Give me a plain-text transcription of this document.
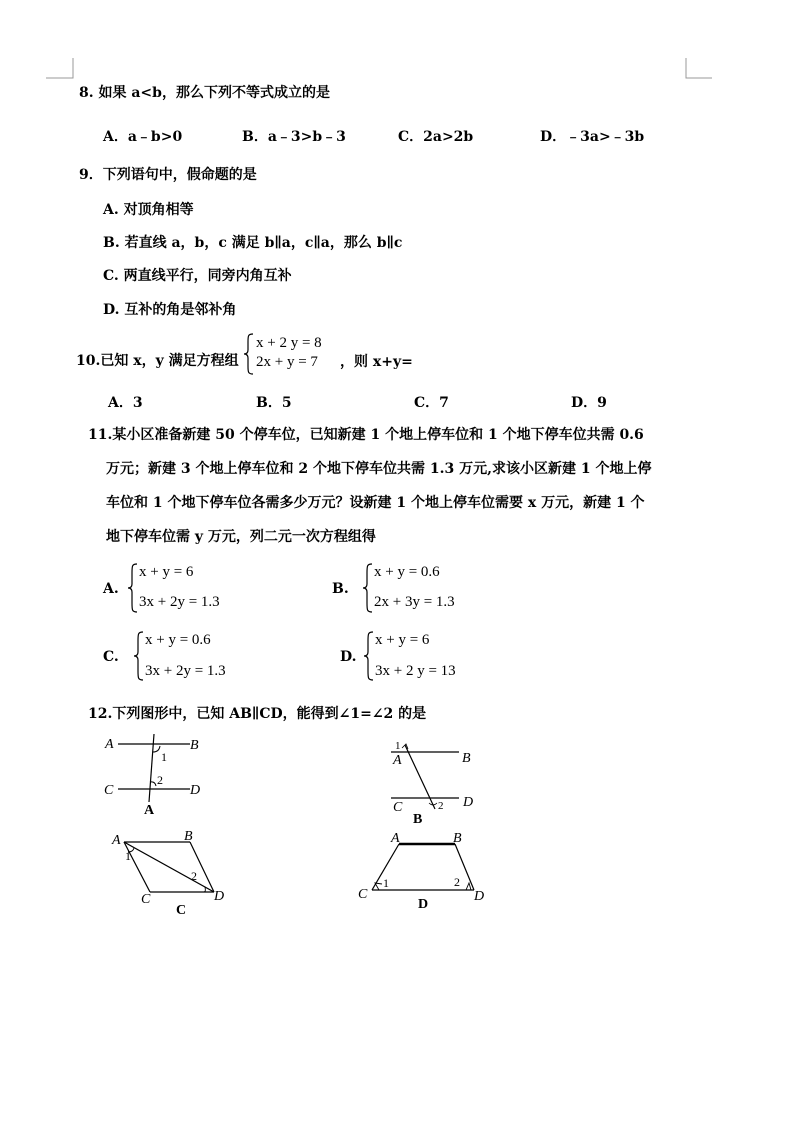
8. 如果 a<b，那么下列不等式成立的是
A．a﹣b>0	B．a﹣3>b﹣3	C．2a>2b	D．﹣3a>﹣3b
9．下列语句中，假命题的是
A. 对顶角相等
B. 若直线 a，b，c 满足 b∥a，c∥a，那么 b∥c
C. 两直线平行，同旁内角互补
D. 互补的角是邻补角
10.已知 x，y 满足方程组
x + 2 y = 8
2x + y = 7 ，则 x+y=
A．3	B．5	C．7	D．9
11.某小区准备新建 50 个停车位，已知新建 1 个地上停车位和 1 个地下停车位共需 0.6
万元；新建 3 个地上停车位和 2 个地下停车位共需 1.3 万元,求该小区新建 1 个地上停
车位和 1 个地下停车位各需多少万元？设新建 1 个地上停车位需要 x 万元，新建 1 个
地下停车位需 y 万元，列二元一次方程组得
A.
x + y = 6
3x + 2y = 1.3
B.
x + y = 0.6
2x + 3y = 1.3
C.
x + y = 0.6
3x + 2y = 1.3
D.
x + y = 6
3x + 2 y = 13
12.下列图形中，已知 AB∥CD，能得到∠1=∠2 的是
A	B
C	D
1
2
A
1
A	B
C	D
2
B
A	B
C	D
1
2
C
A	B
C	D
1	2
D
